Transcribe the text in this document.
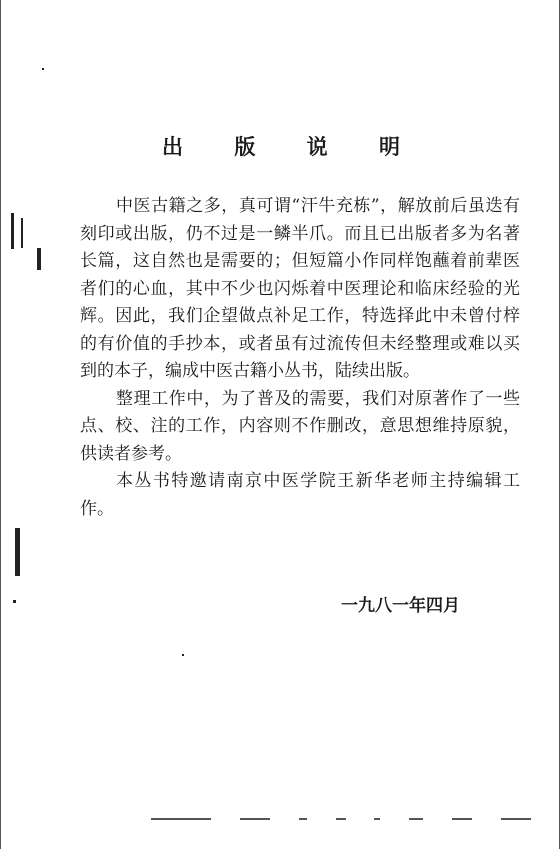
出 版 说 明

中医古籍之多，真可谓“汗牛充栋”，解放前后虽迭有刻印或出版，仍不过是一鳞半爪。而且已出版者多为名著长篇，这自然也是需要的；但短篇小作同样饱蘸着前辈医者们的心血，其中不少也闪烁着中医理论和临床经验的光辉。因此，我们企望做点补足工作，特选择此中未曾付梓的有价值的手抄本，或者虽有过流传但未经整理或难以买到的本子，编成中医古籍小丛书，陆续出版。

整理工作中，为了普及的需要，我们对原著作了一些点、校、注的工作，内容则不作删改，意思想维持原貌，供读者参考。

本丛书特邀请南京中医学院王新华老师主持编辑工作。

一九八一年四月
